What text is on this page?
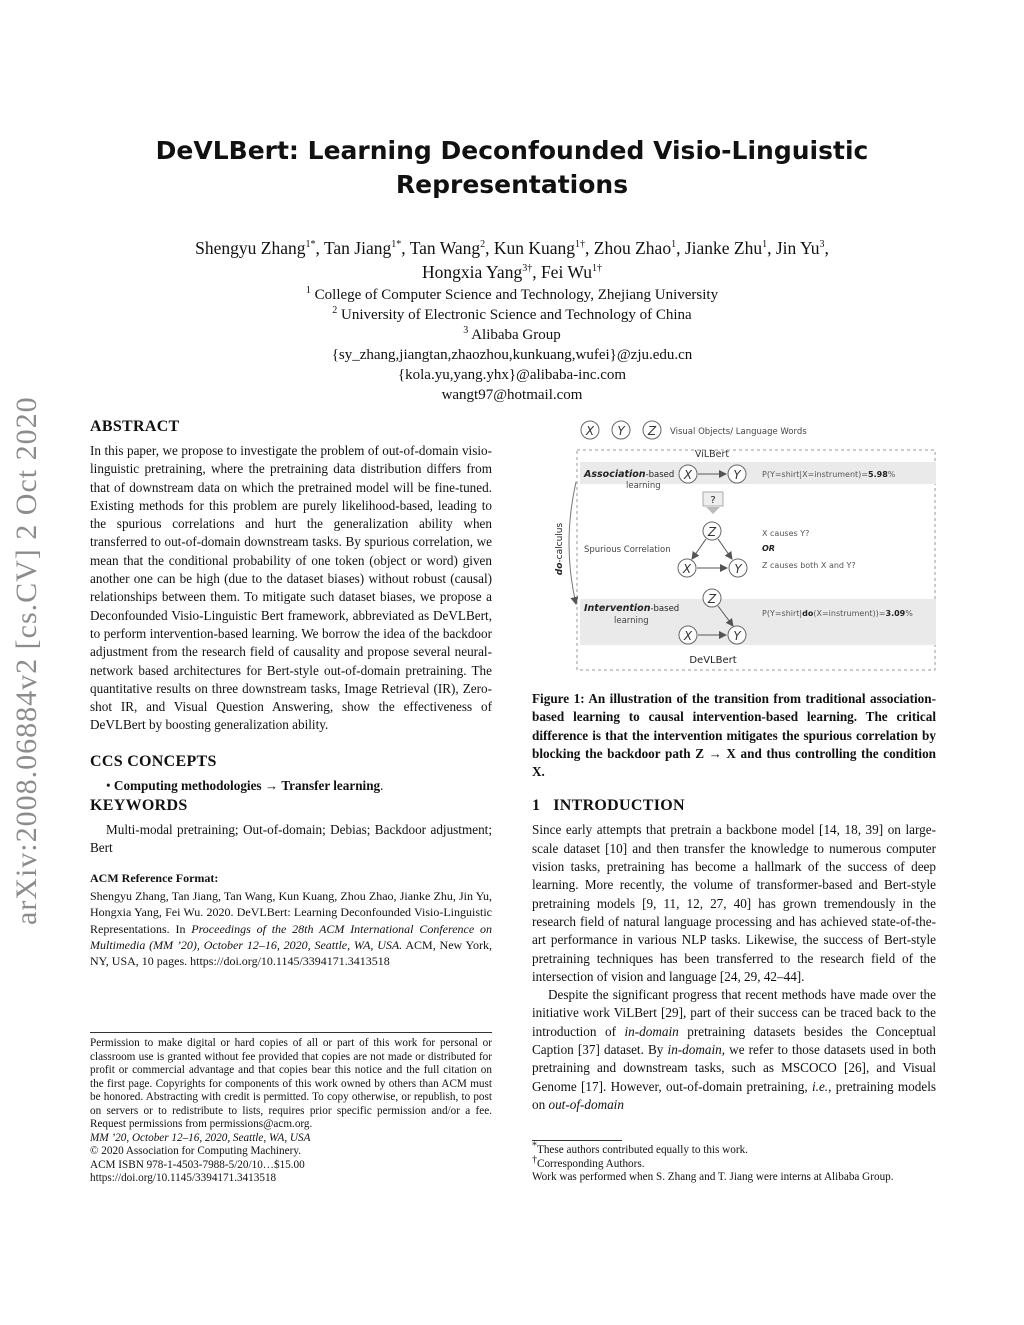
arXiv:2008.06884v2 [cs.CV] 2 Oct 2020
DeVLBert: Learning Deconfounded Visio-Linguistic
Representations
Shengyu Zhang$^{1*}$, Tan Jiang$^{1*}$, Tan Wang$^2$, Kun Kuang$^{1\dagger}$, Zhou Zhao$^1$, Jianke Zhu$^1$, Jin Yu$^3$,
Hongxia Yang$^{3\dagger}$, Fei $Wu^{1\dagger}$
$^1$ College of Computer Science and Technology, Zhejiang University
$^2$ University of Electronic Science and Technology of China
$^3$ Alibaba Group
{sy_zhang,jiangtan,zhaozhou,kunkuang,wufei}@zju.edu.cn
{kola.yu,yang.yhx}@alibaba-inc.com
wangt97@hotmail.com
ABSTRACT
In this paper, we propose to investigate the problem of out-of-domain visio-linguistic pretraining, where the pretraining data distribution differs from that of downstream data on which the pretrained model will be fine-tuned. Existing methods for this problem are purely likelihood-based, leading to the spurious correlations and hurt the generalization ability when transferred to out-of-domain downstream tasks. By spurious correlation, we mean that the conditional probability of one token (object or word) given another one can be high (due to the dataset biases) without robust (causal) relationships between them. To mitigate such dataset biases, we propose a Deconfounded Visio-Linguistic Bert framework, abbreviated as DeVLBert, to perform intervention-based learning. We borrow the idea of the backdoor adjustment from the research field of causality and propose several neural-network based architectures for Bert-style out-of-domain pretraining. The quantitative results on three downstream tasks, Image Retrieval (IR), Zero-shot IR, and Visual Question Answering, show the effectiveness of DeVLBert by boosting generalization ability.
CCS CONCEPTS
• Computing methodologies → Transfer learning.
KEYWORDS
Multi-modal pretraining; Out-of-domain; Debias; Backdoor adjustment; Bert
ACM Reference Format:
Shengyu Zhang, Tan Jiang, Tan Wang, Kun Kuang, Zhou Zhao, Jianke Zhu, Jin Yu, Hongxia Yang, Fei Wu. 2020. DeVLBert: Learning Deconfounded Visio-Linguistic Representations. In Proceedings of the 28th ACM International Conference on Multimedia (MM ’20), October 12–16, 2020, Seattle, WA, USA. ACM, New York, NY, USA, 10 pages. https://doi.org/10.1145/3394171.3413518
Permission to make digital or hard copies of all or part of this work for personal or classroom use is granted without fee provided that copies are not made or distributed for profit or commercial advantage and that copies bear this notice and the full citation on the first page. Copyrights for components of this work owned by others than ACM must be honored. Abstracting with credit is permitted. To copy otherwise, or republish, to post on servers or to redistribute to lists, requires prior specific permission and/or a fee. Request permissions from permissions@acm.org.
MM ’20, October 12–16, 2020, Seattle, WA, USA
© 2020 Association for Computing Machinery.
ACM ISBN 978-1-4503-7988-5/20/10…$15.00
https://doi.org/10.1145/3394171.3413518
X Y Z Visual Objects/ Language Words
ViLBert
Association-based
learning
X	Y	P(Y=shirt|X=instrument)=5.98%
?
do-calculus Spurious Correlation
Z
X	Y
X causes Y?
OR
Z causes both X and Y?
Z
Intervention-based
learning
P(Y=shirt|do(X=instrument))=3.09%
X	Y
DeVLBert
Figure 1: An illustration of the transition from traditional association-based learning to causal intervention-based learning. The critical difference is that the intervention mitigates the spurious correlation by blocking the backdoor path Z → X and thus controlling the condition X.
1 INTRODUCTION
Since early attempts that pretrain a backbone model [14, 18, 39] on large-scale dataset [10] and then transfer the knowledge to numerous computer vision tasks, pretraining has become a hallmark of the success of deep learning. More recently, the volume of transformer-based and Bert-style pretraining models [9, 11, 12, 27, 40] has grown tremendously in the research field of natural language processing and has achieved state-of-the-art performance in various NLP tasks. Likewise, the success of Bert-style pretraining techniques has been transferred to the research field of the intersection of vision and language [24, 29, 42–44].
Despite the significant progress that recent methods have made over the initiative work ViLBert [29], part of their success can be traced back to the introduction of in-domain pretraining datasets besides the Conceptual Caption [37] dataset. By in-domain, we refer to those datasets used in both pretraining and downstream tasks, such as MSCOCO [26], and Visual Genome [17]. However, out-of-domain pretraining, i.e., pretraining models on out-of-domain
*These authors contributed equally to this work.
†Corresponding Authors.
Work was performed when S. Zhang and T. Jiang were interns at Alibaba Group.
